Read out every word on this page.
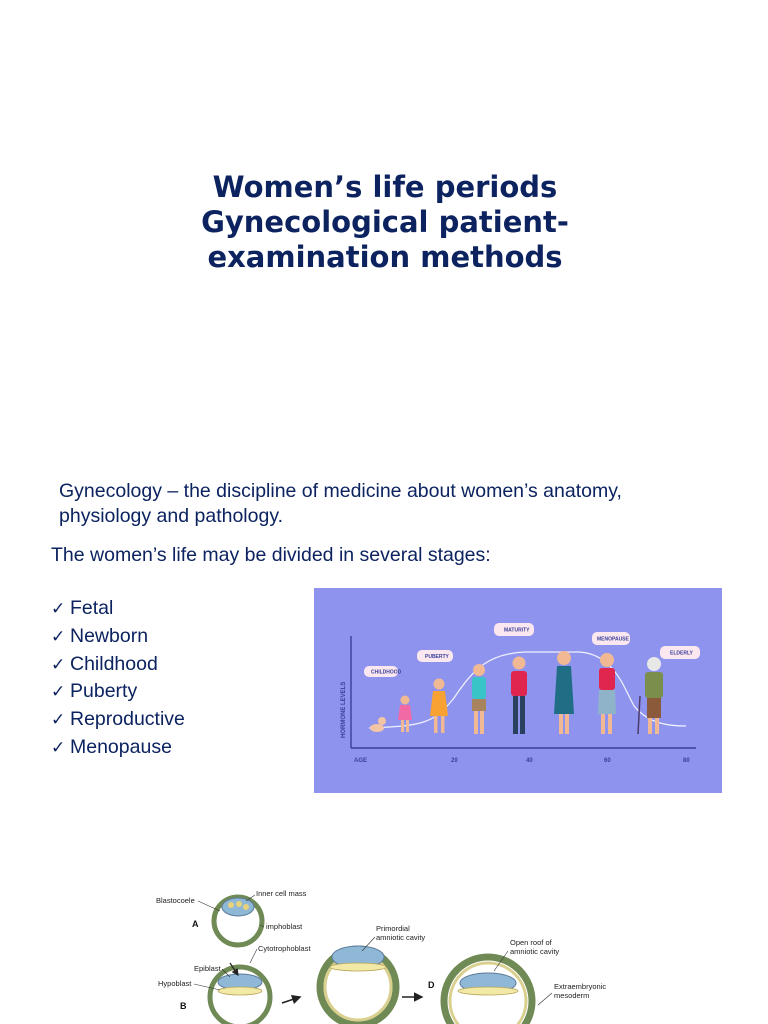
Women’s life periods
Gynecological patient-
examination methods
Gynecology – the discipline of medicine about women’s anatomy, physiology and pathology.
The women’s life may be divided in several stages:
✓ Fetal
✓ Newborn
✓ Childhood
✓ Puberty
✓ Reproductive
✓ Menopause
HORMONE LEVELS
AGE	20	40	60	80
CHILDHOOD
PUBERTY
MATURITY
MENOPAUSE
ELDERLY
A
Blastocoele
Inner cell mass
imphoblast
B
Cytotrophoblast
Epiblast
Hypoblast
Primordial
amniotic cavity
D
Open roof of
amniotic cavity
Extraembryonic
mesoderm
